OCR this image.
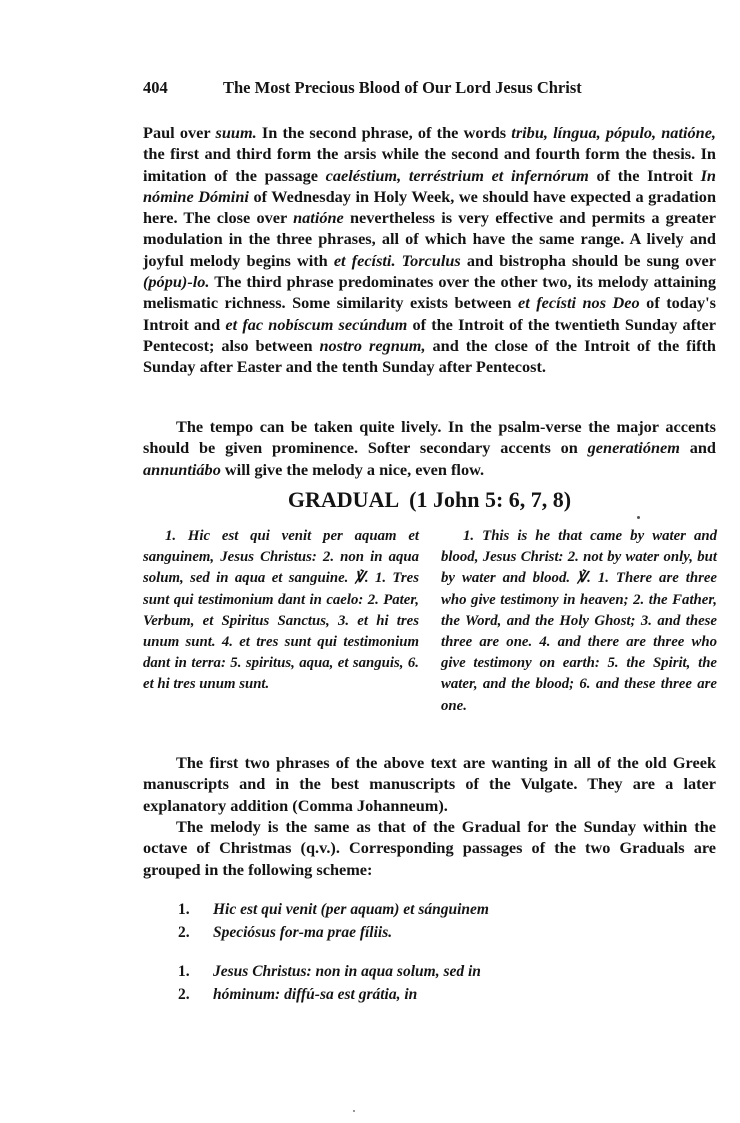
404	The Most Precious Blood of Our Lord Jesus Christ

Paul over suum. In the second phrase, of the words tribu, língua, pópulo, natióne, the first and third form the arsis while the second and fourth form the thesis. In imitation of the passage caeléstium, terréstrium et infernórum of the Introit In nómine Dómini of Wednesday in Holy Week, we should have expected a gradation here. The close over natióne nevertheless is very effective and permits a greater modulation in the three phrases, all of which have the same range. A lively and joyful melody begins with et fecísti. Torculus and bistropha should be sung over (pópu)-lo. The third phrase predominates over the other two, its melody attaining melismatic richness. Some similarity exists between et fecísti nos Deo of today's Introit and et fac nobíscum secúndum of the Introit of the twentieth Sunday after Pentecost; also between nostro regnum, and the close of the Introit of the fifth Sunday after Easter and the tenth Sunday after Pentecost.

The tempo can be taken quite lively. In the psalm-verse the major accents should be given prominence. Softer secondary accents on generatiónem and annuntiábo will give the melody a nice, even flow.

GRADUAL (1 John 5: 6, 7, 8)

1. Hic est qui venit per aquam et sanguinem, Jesus Christus: 2. non in aqua solum, sed in aqua et sanguine. ℣. 1. Tres sunt qui testimonium dant in caelo: 2. Pater, Verbum, et Spiritus Sanctus, 3. et hi tres unum sunt. 4. et tres sunt qui testimonium dant in terra: 5. spiritus, aqua, et sanguis, 6. et hi tres unum sunt.

1. This is he that came by water and blood, Jesus Christ: 2. not by water only, but by water and blood. ℣. 1. There are three who give testimony in heaven; 2. the Father, the Word, and the Holy Ghost; 3. and these three are one. 4. and there are three who give testimony on earth: 5. the Spirit, the water, and the blood; 6. and these three are one.

The first two phrases of the above text are wanting in all of the old Greek manuscripts and in the best manuscripts of the Vulgate. They are a later explanatory addition (Comma Johanneum).

The melody is the same as that of the Gradual for the Sunday within the octave of Christmas (q.v.). Corresponding passages of the two Graduals are grouped in the following scheme:

1. Hic est qui venit (per aquam) et sánguinem
2. Speciósus for-ma prae fíliis.
1. Jesus Christus: non in aqua solum, sed in
2. hóminum: diffú-sa est grátia, in
